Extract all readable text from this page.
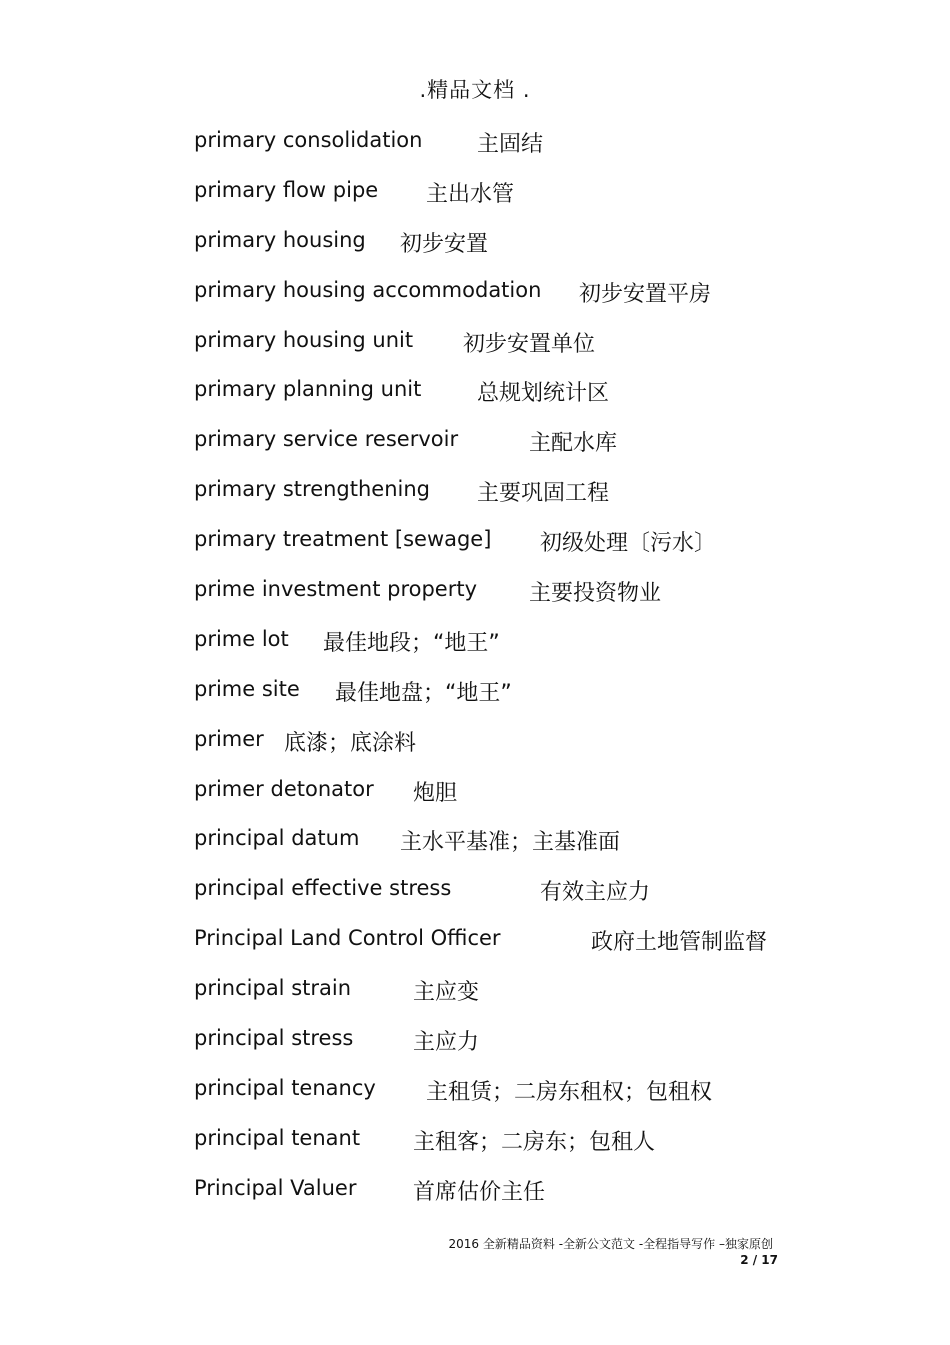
.精品文档 .
primary consolidation 主固结
primary flow pipe 主出水管
primary housing 初步安置
primary housing accommodation 初步安置平房
primary housing unit 初步安置单位
primary planning unit	总规划统计区
primary service reservoir	主配水库
primary strengthening 主要巩固工程
primary treatment [sewage] 初级处理〔污水〕
prime investment property 主要投资物业
prime lot 最佳地段；“地王”
prime site 最佳地盘；“地王”
primer 底漆；底涂料
primer detonator 炮胆
principal datum 主水平基准；主基准面
principal effective stress	有效主应力
Principal Land Control Officer	政府土地管制监督
principal strain	主应变
principal stress	主应力
principal tenancy 主租赁；二房东租权；包租权
principal tenant 主租客；二房东；包租人
Principal Valuer	首席估价主任
2016 全新精品资料 -全新公文范文 -全程指导写作 –独家原创
2 / 17
